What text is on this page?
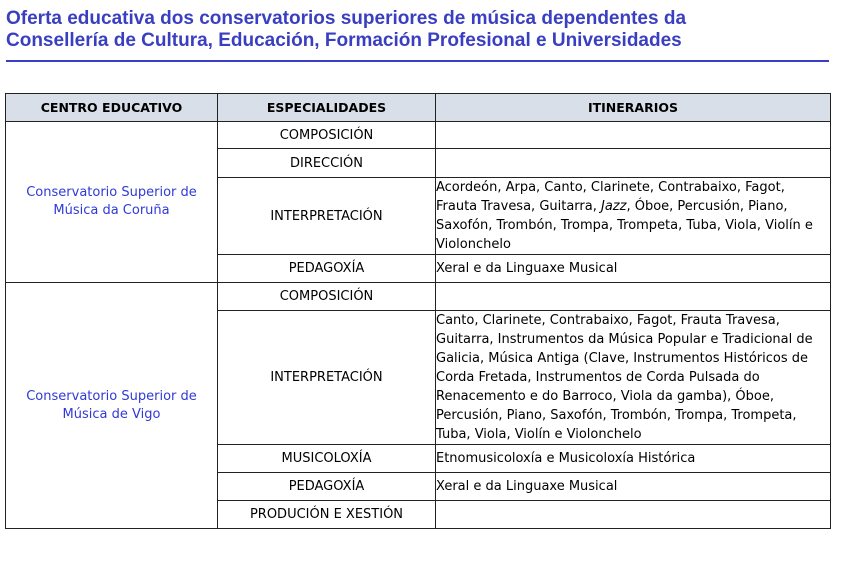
Oferta educativa dos conservatorios superiores de música dependentes da
Consellería de Cultura, Educación, Formación Profesional e Universidades
CENTRO EDUCATIVO	ESPECIALIDADES	ITINERARIOS
Conservatorio Superior de Música da Coruña	COMPOSICIÓN	
	DIRECCIÓN	
	INTERPRETACIÓN	Acordeón, Arpa, Canto, Clarinete, Contrabaixo, Fagot, Frauta Travesa, Guitarra, Jazz, Óboe, Percusión, Piano, Saxofón, Trombón, Trompa, Trompeta, Tuba, Viola, Violín e Violonchelo
	PEDAGOXÍA	Xeral e da Linguaxe Musical
Conservatorio Superior de Música de Vigo	COMPOSICIÓN	
	INTERPRETACIÓN	Canto, Clarinete, Contrabaixo, Fagot, Frauta Travesa, Guitarra, Instrumentos da Música Popular e Tradicional de Galicia, Música Antiga (Clave, Instrumentos Históricos de Corda Fretada, Instrumentos de Corda Pulsada do Renacemento e do Barroco, Viola da gamba), Óboe, Percusión, Piano, Saxofón, Trombón, Trompa, Trompeta, Tuba, Viola, Violín e Violonchelo
	MUSICOLOXÍA	Etnomusicoloxía e Musicoloxía Histórica
	PEDAGOXÍA	Xeral e da Linguaxe Musical
	PRODUCIÓN E XESTIÓN	
